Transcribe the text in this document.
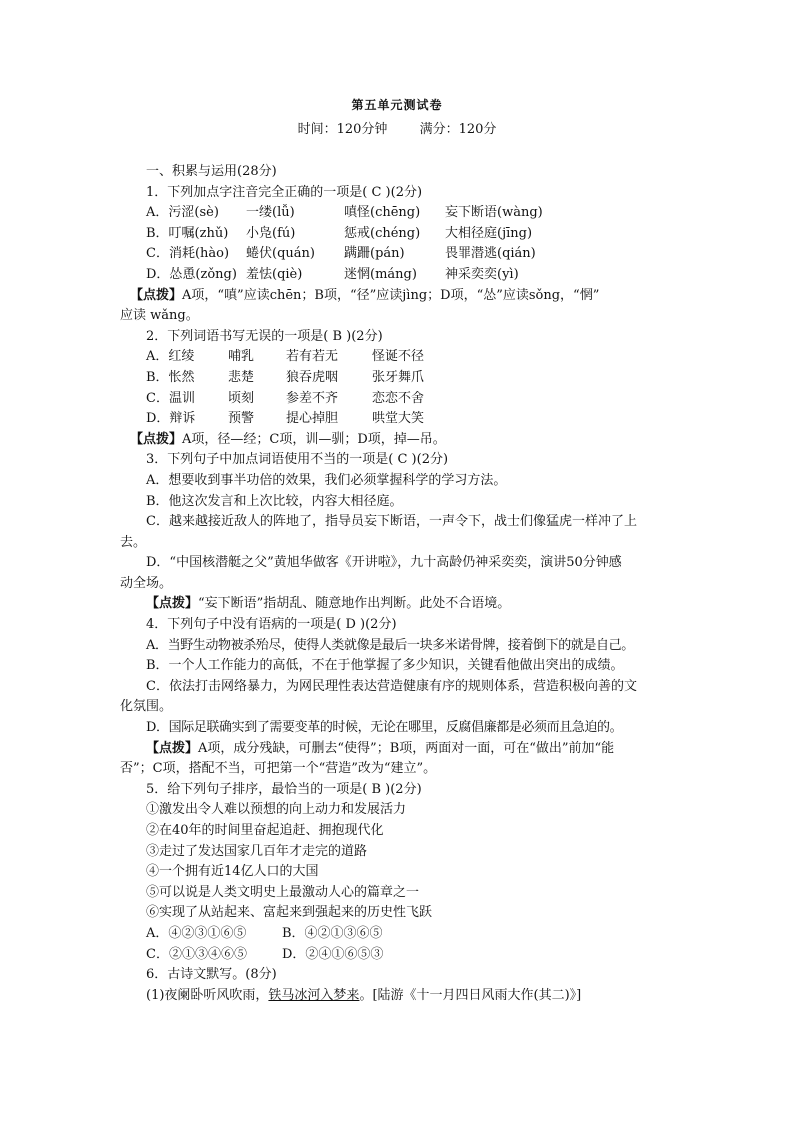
第五单元测试卷
时间：120分钟 满分：120分
一、积累与运用(28分)
1．下列加点字注音完全正确的一项是( C )(2分)
A．污涩(sè)	一缕(lǚ)	嗔怪(chēng)	妄下断语(wàng)
B．叮嘱(zhǔ)	小凫(fú)	惩戒(chéng)	大相径庭(jīng)
C．消耗(hào)	蜷伏(quán)	蹒跚(pán)	畏罪潜逃(qián)
D．怂恿(zǒng) 羞怯(qiè)	迷惘(máng)	神采奕奕(yì)
【点拨】A项，“嗔”应读chēn；B项，“径”应读jìng；D项，“怂”应读sǒng，“惘”
应读 wǎng。
2．下列词语书写无误的一项是( B )(2分)
A．红绫	哺乳	若有若无	怪诞不径
B．怅然	悲楚	狼吞虎咽	张牙舞爪
C．温训	顷刻	参差不齐	恋恋不舍
D．辩诉	预警	提心掉胆	哄堂大笑
【点拨】A项，径—经；C项，训—驯；D项，掉—吊。
3．下列句子中加点词语使用不当的一项是( C )(2分)
A．想要收到事半功倍的效果，我们必须掌握科学的学习方法。
B．他这次发言和上次比较，内容大相径庭。
C．越来越接近敌人的阵地了，指导员妄下断语，一声令下，战士们像猛虎一样冲了上
去。
D．“中国核潜艇之父”黄旭华做客《开讲啦》，九十高龄仍神采奕奕，演讲50分钟感
动全场。
【点拨】“妄下断语”指胡乱、随意地作出判断。此处不合语境。
4．下列句子中没有语病的一项是( D )(2分)
A．当野生动物被杀殆尽，使得人类就像是最后一块多米诺骨牌，接着倒下的就是自己。
B．一个人工作能力的高低，不在于他掌握了多少知识，关键看他做出突出的成绩。
C．依法打击网络暴力，为网民理性表达营造健康有序的规则体系，营造积极向善的文
化氛围。
D．国际足联确实到了需要变革的时候，无论在哪里，反腐倡廉都是必须而且急迫的。
【点拨】A项，成分残缺，可删去“使得”；B项，两面对一面，可在“做出”前加“能
否”；C项，搭配不当，可把第一个“营造”改为“建立”。
5．给下列句子排序，最恰当的一项是( B )(2分)
①激发出令人难以预想的向上动力和发展活力
②在40年的时间里奋起追赶、拥抱现代化
③走过了发达国家几百年才走完的道路
④一个拥有近14亿人口的大国
⑤可以说是人类文明史上最激动人心的篇章之一
⑥实现了从站起来、富起来到强起来的历史性飞跃
A．④②③①⑥⑤	B．④②①③⑥⑤
C．②①③④⑥⑤	D．②④①⑥⑤③
6．古诗文默写。(8分)
(1)夜阑卧听风吹雨，铁马冰河入梦来。[陆游《十一月四日风雨大作(其二)》]
